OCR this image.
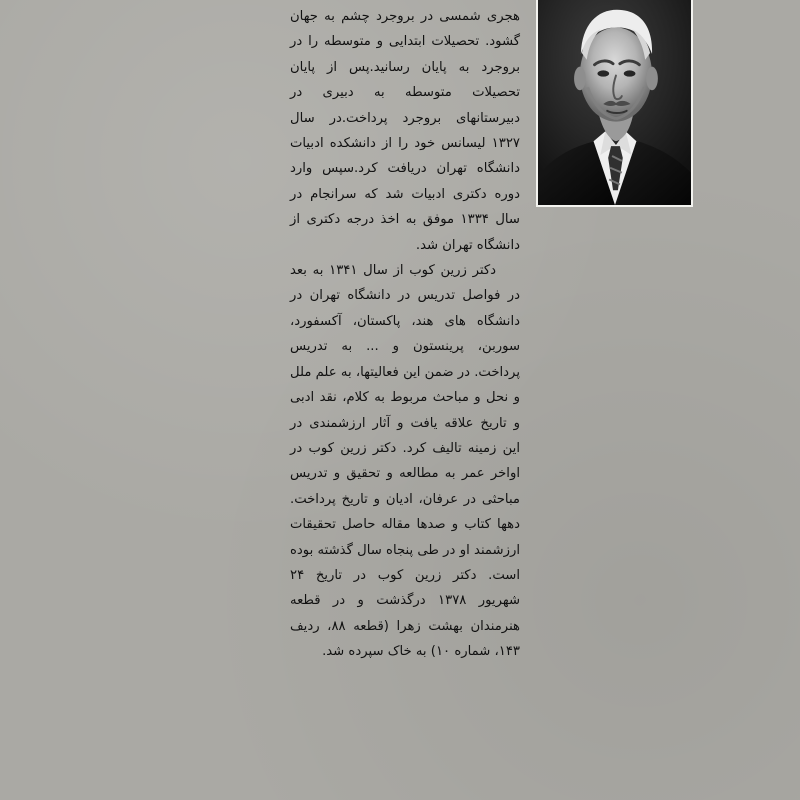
هجری شمسی در بروجرد چشم به جهان گشود. تحصیلات ابتدایی و متوسطه را در بروجرد به پایان رسانید.پس از پایان تحصیلات متوسطه به دبیری در دبیرستانهای بروجرد پرداخت.در سال ۱۳۲۷ لیسانس خود را از دانشکده ادبیات دانشگاه تهران دریافت کرد.سپس وارد دوره دکتری ادبیات شد که سرانجام در سال ۱۳۳۴ موفق به اخذ درجه دکتری از دانشگاه تهران شد.

دکتر زرین کوب از سال ۱۳۴۱ به بعد در فواصل تدریس در دانشگاه تهران در دانشگاه های هند، پاکستان، آکسفورد، سوربن، پرینستون و ... به تدریس پرداخت. در ضمن این فعالیتها، به علم ملل و نحل و مباحث مربوط به کلام، نقد ادبی و تاریخ علاقه یافت و آثار ارزشمندی در این زمینه تالیف کرد. دکتر زرین کوب در اواخر عمر به مطالعه و تحقیق و تدریس مباحثی در عرفان، ادیان و تاریخ پرداخت. دهها کتاب و صدها مقاله حاصل تحقیقات ارزشمند او در طی پنجاه سال گذشته بوده است. دکتر زرین کوب در تاریخ ۲۴ شهریور ۱۳۷۸ درگذشت و در قطعه هنرمندان بهشت زهرا (قطعه ۸۸، ردیف ۱۴۳، شماره ۱۰) به خاک سپرده شد.
